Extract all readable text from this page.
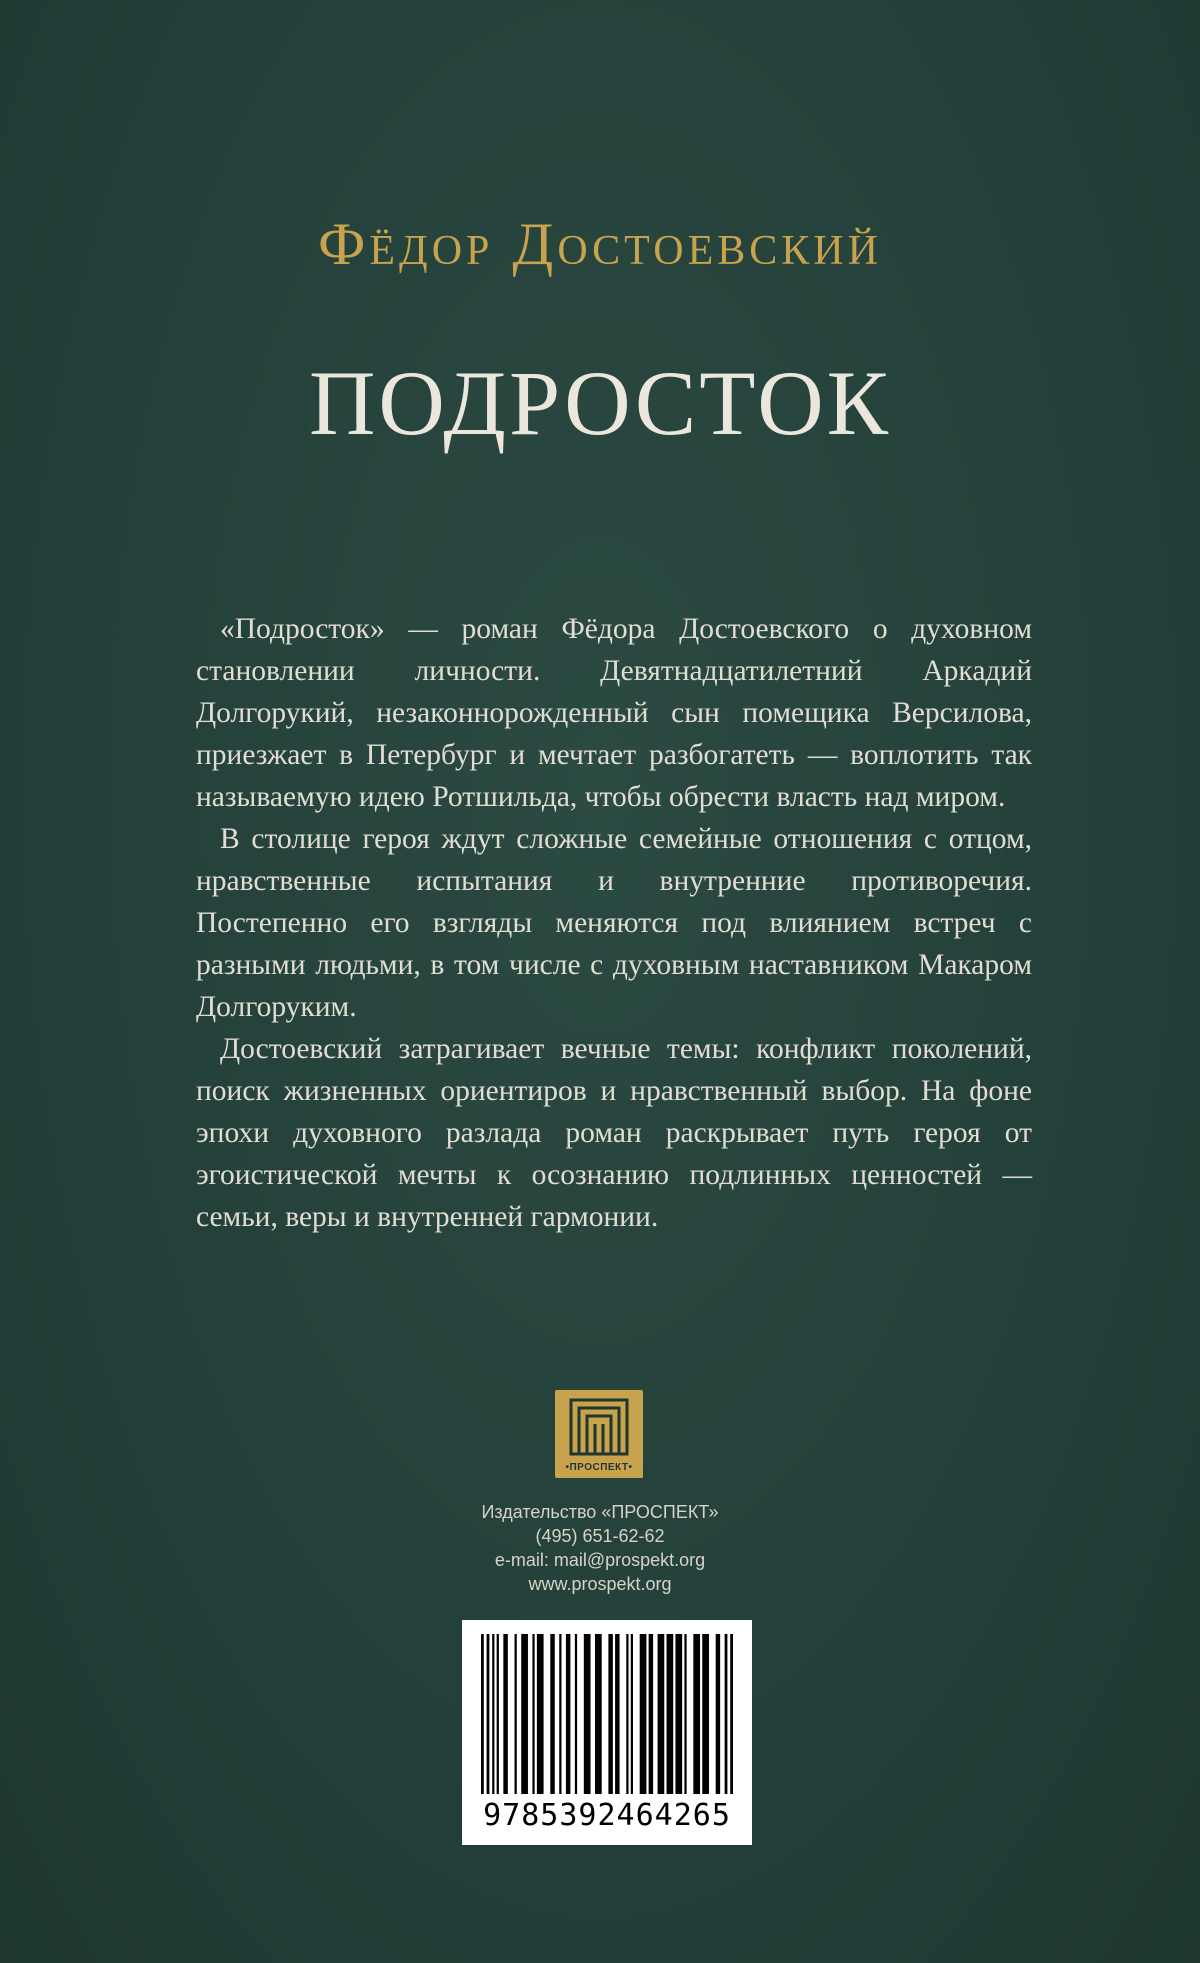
Фёдор Достоевский
ПОДРОСТОК

«Подросток» — роман Фёдора Достоевского о духовном становлении личности. Девятнадцатилетний Аркадий Долгорукий, незаконнорожденный сын помещика Версилова, приезжает в Петербург и мечтает разбогатеть — воплотить так называемую идею Ротшильда, чтобы обрести власть над миром.

В столице героя ждут сложные семейные отношения с отцом, нравственные испытания и внутренние противоречия. Постепенно его взгляды меняются под влиянием встреч с разными людьми, в том числе с духовным наставником Макаром Долгоруким.

Достоевский затрагивает вечные темы: конфликт поколений, поиск жизненных ориентиров и нравственный выбор. На фоне эпохи духовного разлада роман раскрывает путь героя от эгоистической мечты к осознанию подлинных ценностей — семьи, веры и внутренней гармонии.

•ПРОСПЕКТ•
Издательство «ПРОСПЕКТ»
(495) 651-62-62
e-mail: mail@prospekt.org
www.prospekt.org
9785392464265
